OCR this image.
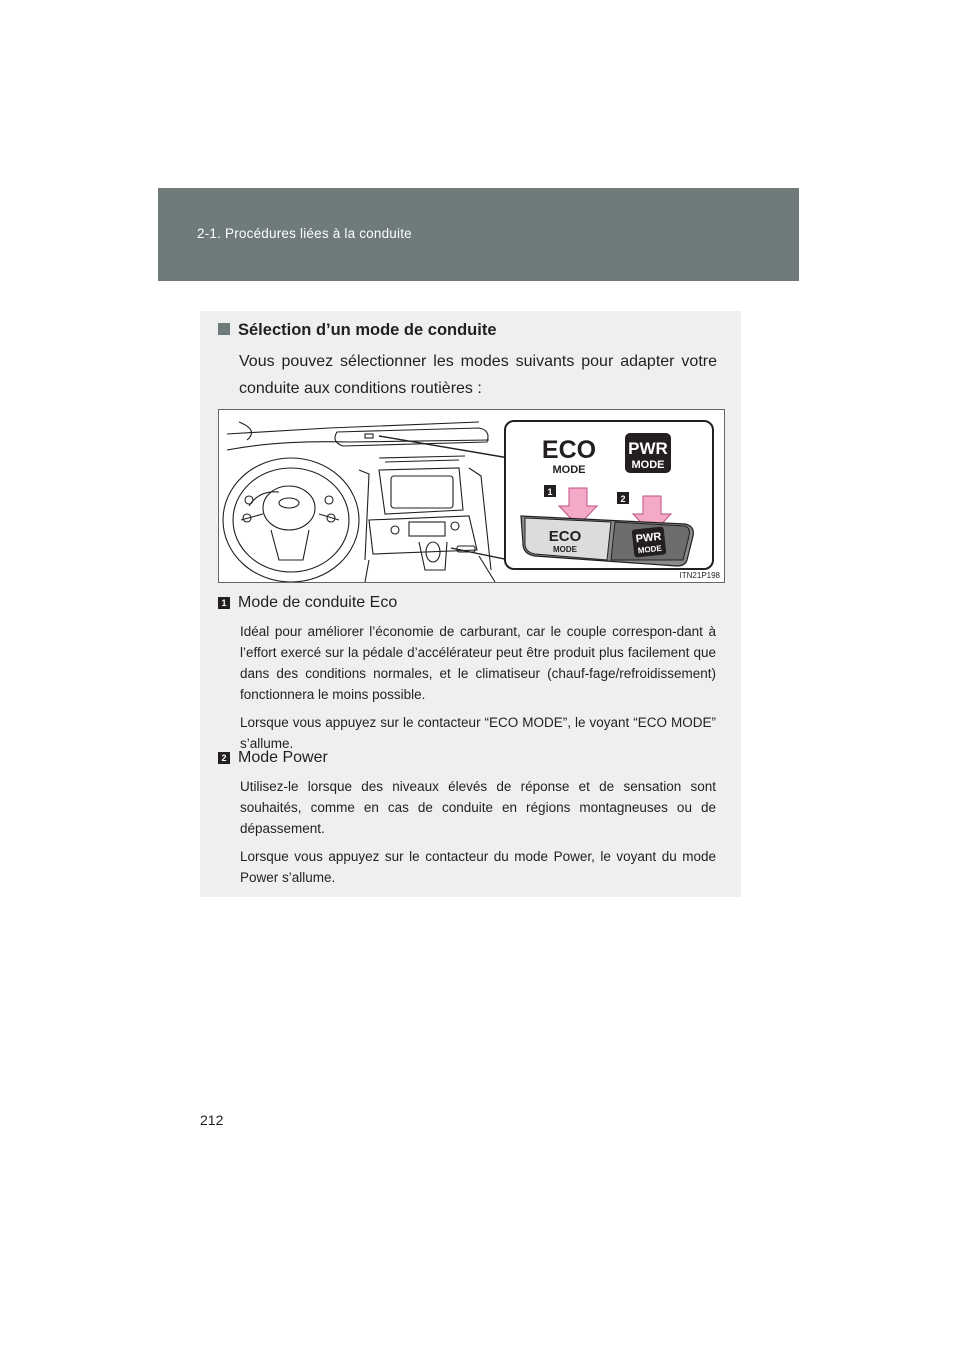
2-1. Procédures liées à la conduite
Sélection d’un mode de conduite
Vous pouvez sélectionner les modes suivants pour adapter votre conduite aux conditions routières :
ECO
MODE
PWR
MODE
1
2
ECO
MODE
PWR
MODE
ITN21P198
1 Mode de conduite Eco
Idéal pour améliorer l’économie de carburant, car le couple correspon-dant à l’effort exercé sur la pédale d’accélérateur peut être produit plus facilement que dans des conditions normales, et le climatiseur (chauf-fage/refroidissement) fonctionnera le moins possible.
Lorsque vous appuyez sur le contacteur “ECO MODE”, le voyant “ECO MODE” s’allume.
2 Mode Power
Utilisez-le lorsque des niveaux élevés de réponse et de sensation sont souhaités, comme en cas de conduite en régions montagneuses ou de dépassement.
Lorsque vous appuyez sur le contacteur du mode Power, le voyant du mode Power s’allume.
212
